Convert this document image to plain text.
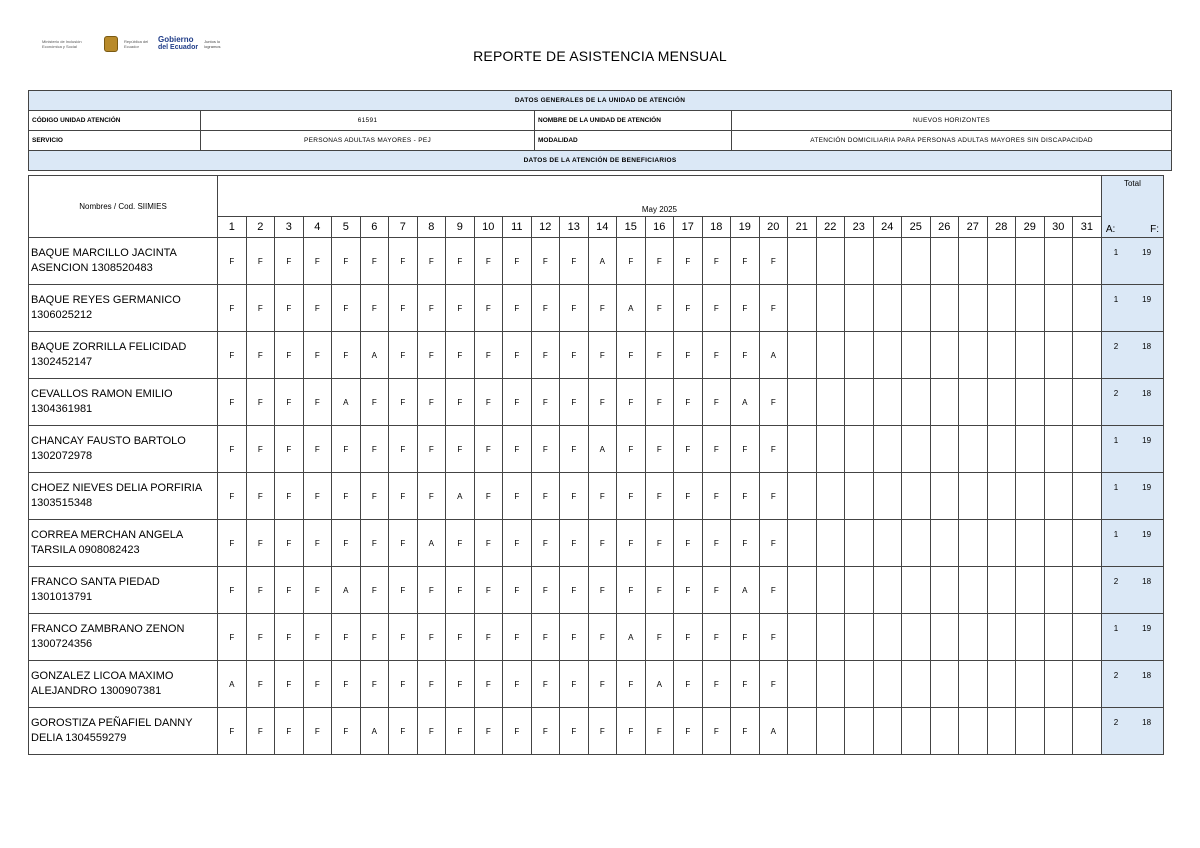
Ministerio de Inclusión Económica y Social
República del Ecuador
Gobierno
del Ecuador
Juntos lo logramos
REPORTE DE ASISTENCIA MENSUAL
DATOS GENERALES DE LA UNIDAD DE ATENCIÓN			
CÓDIGO UNIDAD ATENCIÓN	61591	NOMBRE DE LA UNIDAD DE ATENCIÓN	NUEVOS HORIZONTES
SERVICIO	PERSONAS ADULTAS MAYORES - PEJ	MODALIDAD	ATENCIÓN DOMICILIARIA PARA PERSONAS ADULTAS MAYORES SIN DISCAPACIDAD
DATOS DE LA ATENCIÓN DE BENEFICIARIOS			
Nombres / Cod. SIIMIES	May 2025																															Total
A: F:

	1	2	3	4	5	6	7	8	9	10	11	12	13	14	15	16	17	18	19	20	21	22	23	24	25	26	27	28	29	30	31	
BAQUE MARCILLO JACINTA ASENCION 1308520483	F	F	F	F	F	F	F	F	F	F	F	F	F	A	F	F	F	F	F	F												1 19

BAQUE REYES GERMANICO 1306025212	F	F	F	F	F	F	F	F	F	F	F	F	F	F	A	F	F	F	F	F												1 19

BAQUE ZORRILLA FELICIDAD 1302452147	F	F	F	F	F	A	F	F	F	F	F	F	F	F	F	F	F	F	F	A												2 18

CEVALLOS RAMON EMILIO 1304361981	F	F	F	F	A	F	F	F	F	F	F	F	F	F	F	F	F	F	A	F												2 18

CHANCAY FAUSTO BARTOLO 1302072978	F	F	F	F	F	F	F	F	F	F	F	F	F	A	F	F	F	F	F	F												1 19

CHOEZ NIEVES DELIA PORFIRIA 1303515348	F	F	F	F	F	F	F	F	A	F	F	F	F	F	F	F	F	F	F	F												1 19

CORREA MERCHAN ANGELA TARSILA 0908082423	F	F	F	F	F	F	F	A	F	F	F	F	F	F	F	F	F	F	F	F												1 19

FRANCO SANTA PIEDAD 1301013791	F	F	F	F	A	F	F	F	F	F	F	F	F	F	F	F	F	F	A	F												2 18

FRANCO ZAMBRANO ZENON 1300724356	F	F	F	F	F	F	F	F	F	F	F	F	F	F	A	F	F	F	F	F												1 19

GONZALEZ LICOA MAXIMO ALEJANDRO 1300907381	A	F	F	F	F	F	F	F	F	F	F	F	F	F	F	A	F	F	F	F												2 18

GOROSTIZA PEÑAFIEL DANNY DELIA 1304559279	F	F	F	F	F	A	F	F	F	F	F	F	F	F	F	F	F	F	F	A												2 18
